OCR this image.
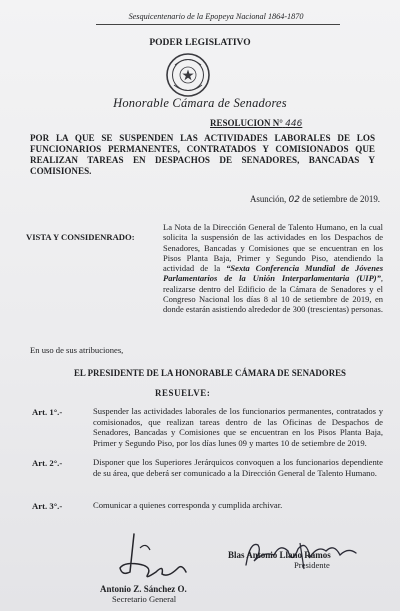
Sesquicentenario de la Epopeya Nacional 1864-1870
PODER LEGISLATIVO
Honorable Cámara de Senadores
RESOLUCION N° 446
POR LA QUE SE SUSPENDEN LAS ACTIVIDADES LABORALES DE LOS FUNCIONARIOS PERMANENTES, CONTRATADOS Y COMISIONADOS QUE REALIZAN TAREAS EN DESPACHOS DE SENADORES, BANCADAS Y COMISIONES.
Asunción, 02 de setiembre de 2019.
VISTA Y CONSIDENRADO:
La Nota de la Dirección General de Talento Humano, en la cual solicita la suspensión de las actividades en los Despachos de Senadores, Bancadas y Comisiones que se encuentran en los Pisos Planta Baja, Primer y Segundo Piso, atendiendo la actividad de la “Sexta Conferencia Mundial de Jóvenes Parlamentarios de la Unión Interparlamentaria (UIP)”, realizarse dentro del Edificio de la Cámara de Senadores y el Congreso Nacional los días 8 al 10 de setiembre de 2019, en donde estarán asistiendo alrededor de 300 (trescientas) personas.
En uso de sus atribuciones,
EL PRESIDENTE DE LA HONORABLE CÁMARA DE SENADORES
RESUELVE:
Art. 1°.-	Suspender las actividades laborales de los funcionarios permanentes, contratados y comisionados, que realizan tareas dentro de las Oficinas de Despachos de Senadores, Bancadas y Comisiones que se encuentran en los Pisos Planta Baja, Primer y Segundo Piso, por los días lunes 09 y martes 10 de setiembre de 2019.
Art. 2°.-	Disponer que los Superiores Jerárquicos convoquen a los funcionarios dependiente de su área, que deberá ser comunicado a la Dirección General de Talento Humano.
Art. 3°.-	Comunicar a quienes corresponda y cumplida archivar.
Blas Antonio Llano Ramos
Presidente
Antonio Z. Sánchez O.
Secretario General
